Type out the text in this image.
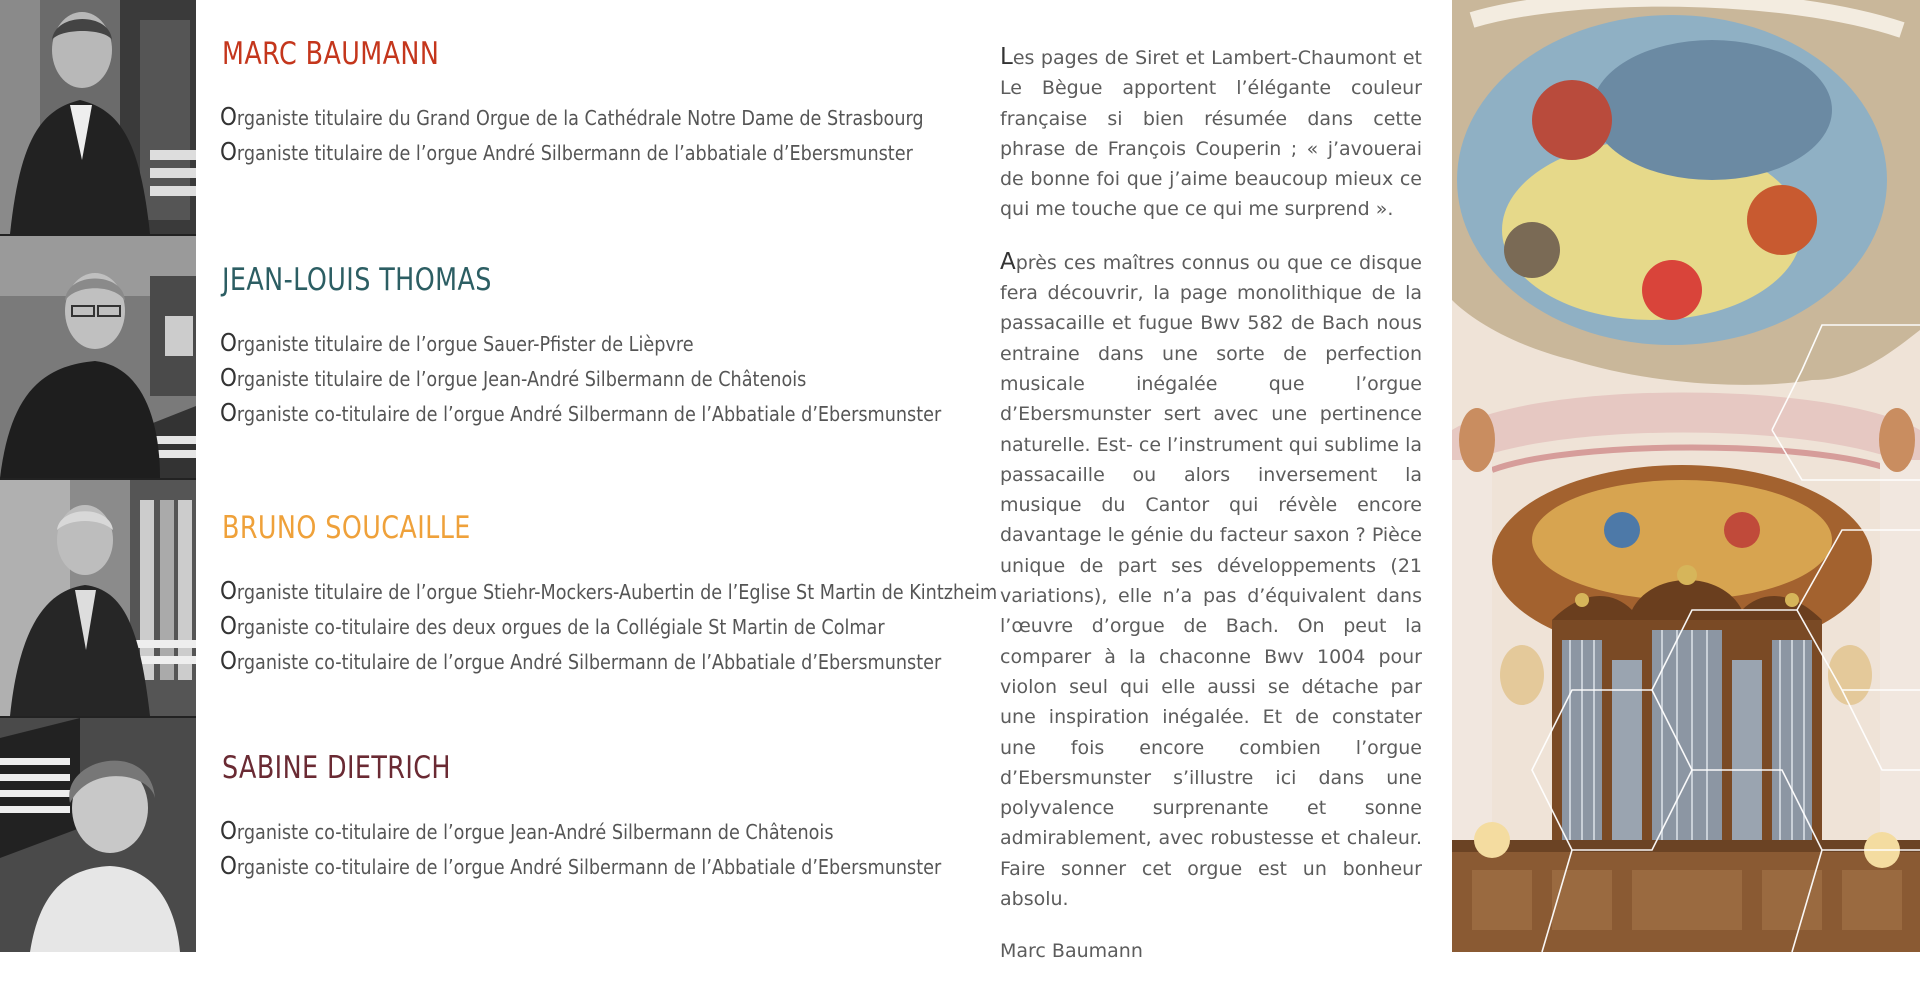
MARC BAUMANN
Organiste titulaire du Grand Orgue de la Cathédrale Notre Dame de Strasbourg
Organiste titulaire de l’orgue André Silbermann de l’abbatiale d’Ebersmunster
JEAN-LOUIS THOMAS
Organiste titulaire de l’orgue Sauer-Pfister de Lièpvre
Organiste titulaire de l’orgue Jean-André Silbermann de Châtenois
Organiste co-titulaire de l’orgue André Silbermann de l’Abbatiale d’Ebersmunster
BRUNO SOUCAILLE
Organiste titulaire de l’orgue Stiehr-Mockers-Aubertin de l’Eglise St Martin de Kintzheim
Organiste co-titulaire des deux orgues de la Collégiale St Martin de Colmar
Organiste co-titulaire de l’orgue André Silbermann de l’Abbatiale d’Ebersmunster
SABINE DIETRICH
Organiste co-titulaire de l’orgue Jean-André Silbermann de Châtenois
Organiste co-titulaire de l’orgue André Silbermann de l’Abbatiale d’Ebersmunster

Les pages de Siret et Lambert-Chaumont et Le Bègue apportent l’élégante couleur française si bien résumée dans cette phrase de François Couperin ; « j’avouerai de bonne foi que j’aime beaucoup mieux ce qui me touche que ce qui me surprend ».

Après ces maîtres connus ou que ce disque fera découvrir, la page monolithique de la passacaille et fugue Bwv 582 de Bach nous entraine dans une sorte de perfection musicale inégalée que l’orgue d’Ebersmunster sert avec une pertinence naturelle. Est- ce l’instrument qui sublime la passacaille ou alors inversement la musique du Cantor qui révèle encore davantage le génie du facteur saxon ? Pièce unique de part ses développements (21 variations), elle n’a pas d’équivalent dans l’œuvre d’orgue de Bach. On peut la comparer à la chaconne Bwv 1004 pour violon seul qui elle aussi se détache par une inspiration inégalée. Et de constater une fois encore combien l’orgue d’Ebersmunster s’illustre ici dans une polyvalence surprenante et sonne admirablement, avec robustesse et chaleur. Faire sonner cet orgue est un bonheur absolu.

Marc Baumann
